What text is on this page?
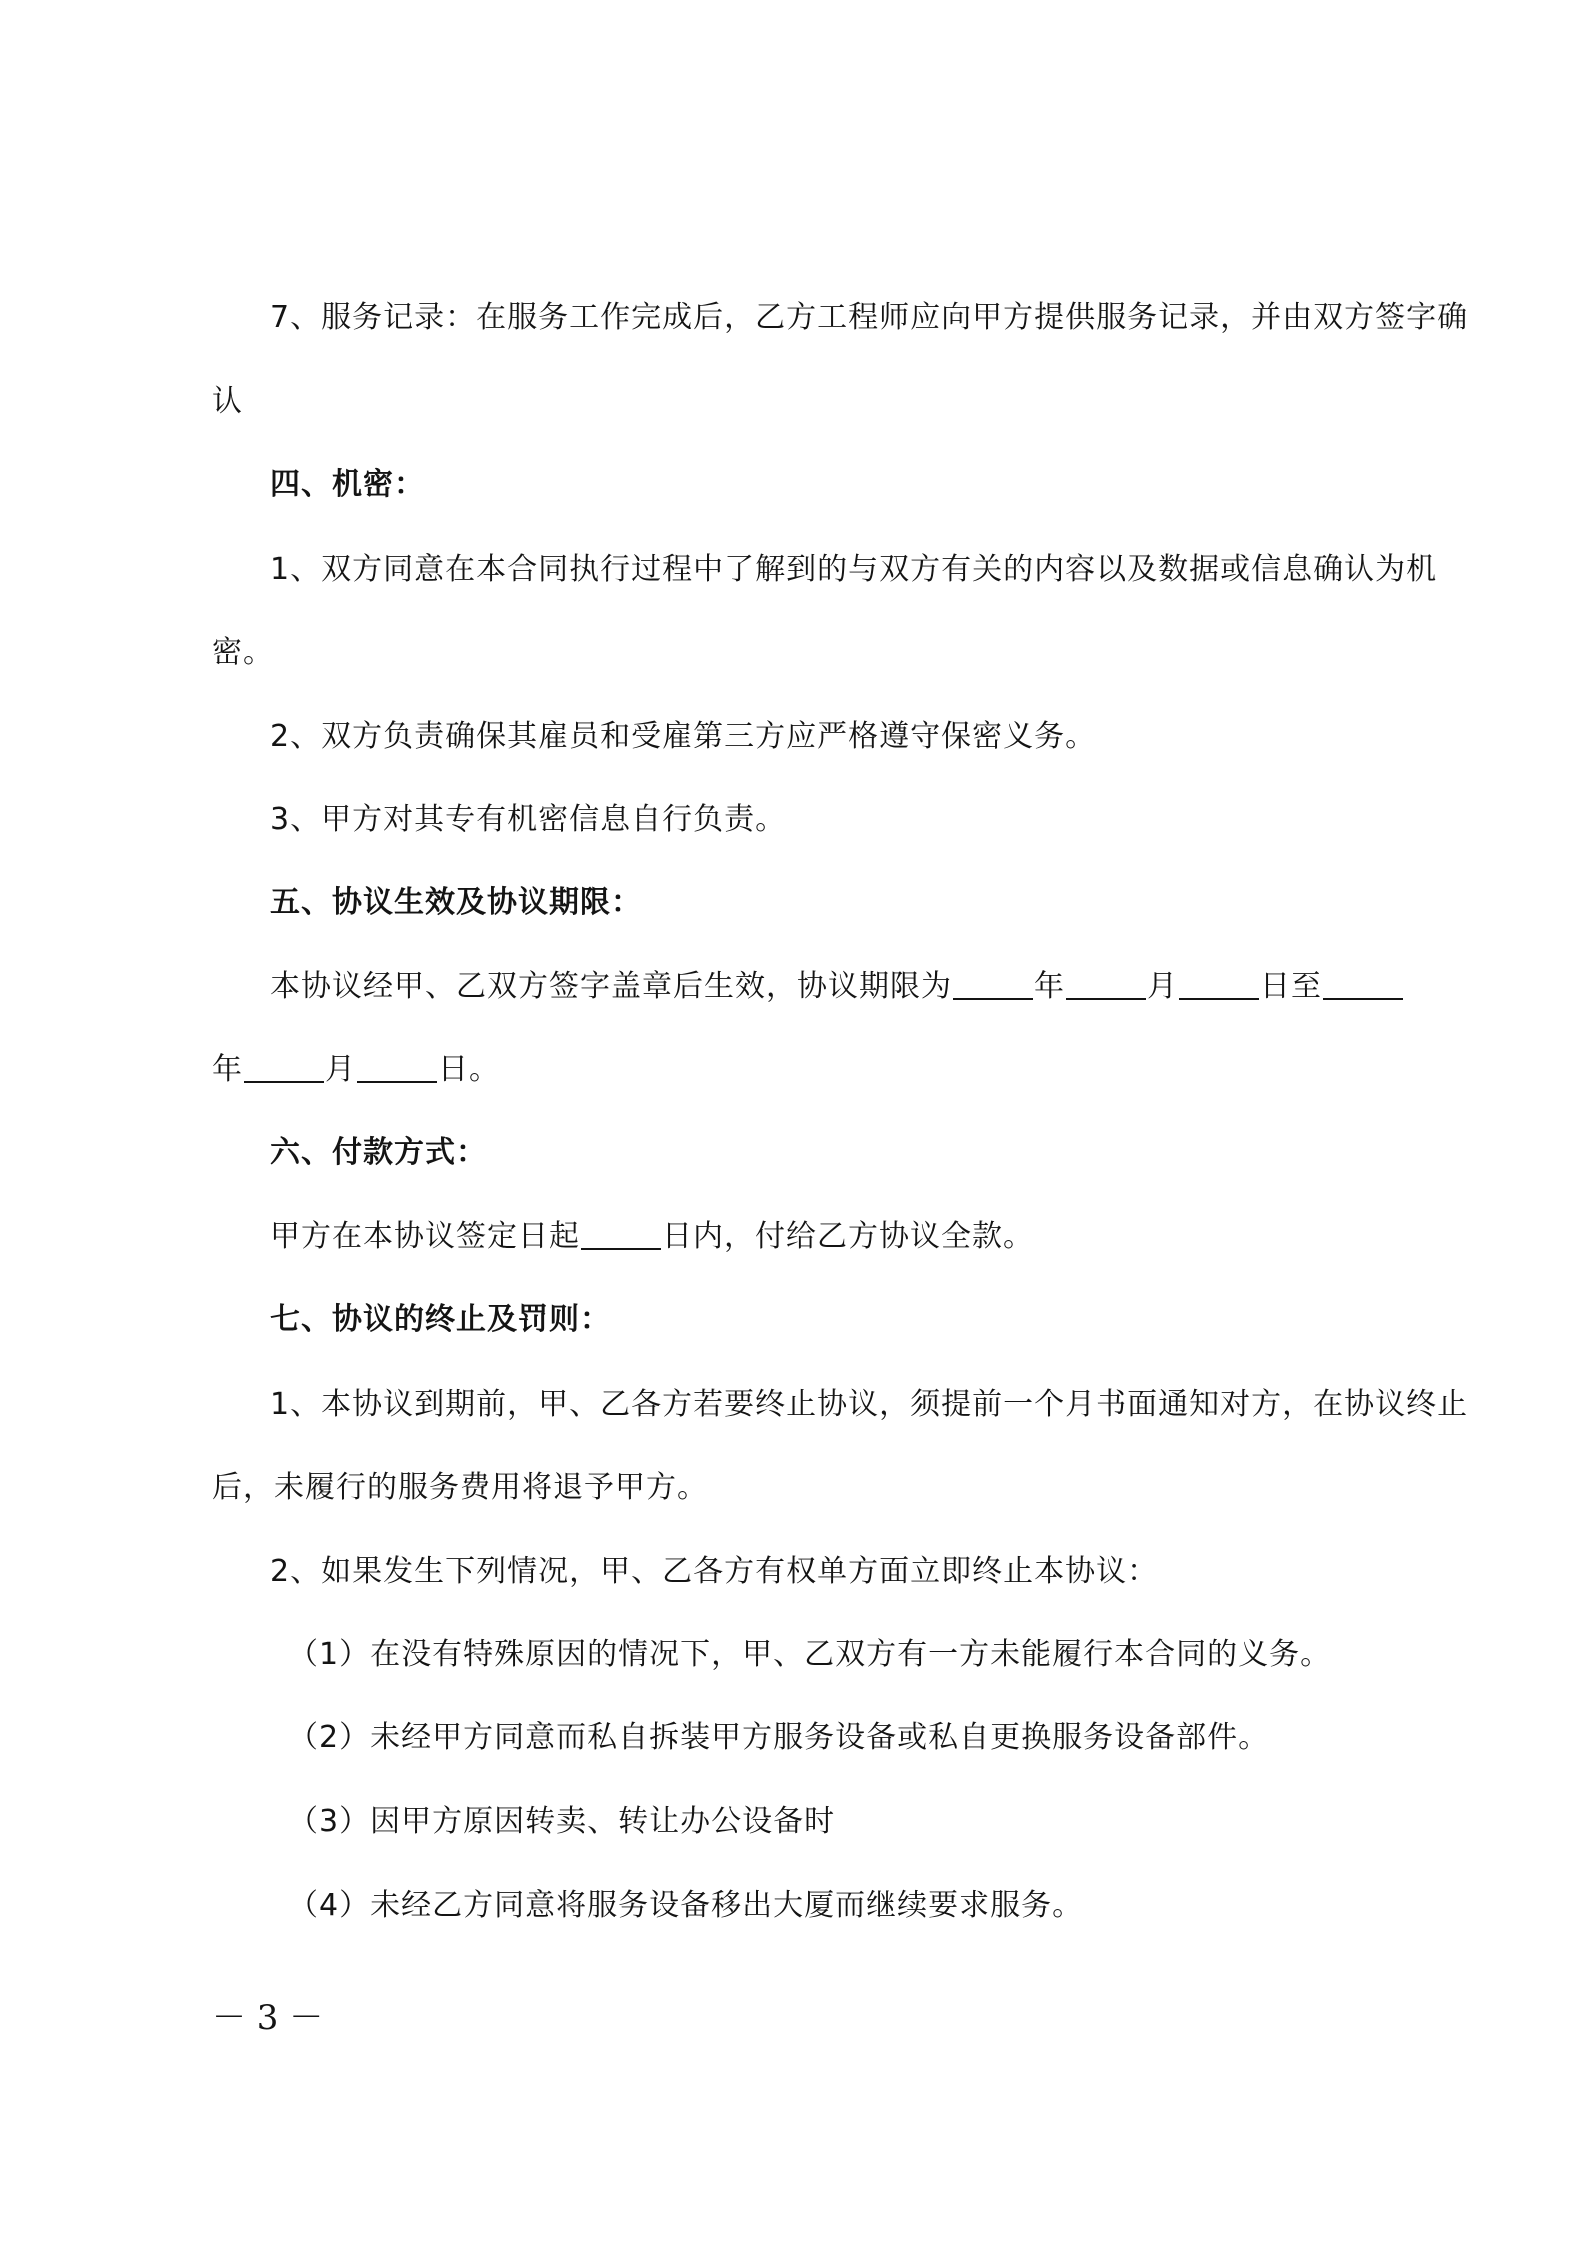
7、服务记录：在服务工作完成后，乙方工程师应向甲方提供服务记录，并由双方签字确
认
四、机密：
1、双方同意在本合同执行过程中了解到的与双方有关的内容以及数据或信息确认为机
密。
2、双方负责确保其雇员和受雇第三方应严格遵守保密义务。
3、甲方对其专有机密信息自行负责。
五、协议生效及协议期限：
本协议经甲、乙双方签字盖章后生效，协议期限为	年	月	日至
年	月	日。
六、付款方式：
甲方在本协议签定日起	日内，付给乙方协议全款。
七、协议的终止及罚则：
1、本协议到期前，甲、乙各方若要终止协议，须提前一个月书面通知对方，在协议终止
后，未履行的服务费用将退予甲方。
2、如果发生下列情况，甲、乙各方有权单方面立即终止本协议：
（1）在没有特殊原因的情况下，甲、乙双方有一方未能履行本合同的义务。
（2）未经甲方同意而私自拆装甲方服务设备或私自更换服务设备部件。
（3）因甲方原因转卖、转让办公设备时
（4）未经乙方同意将服务设备移出大厦而继续要求服务。
－ 3 －
